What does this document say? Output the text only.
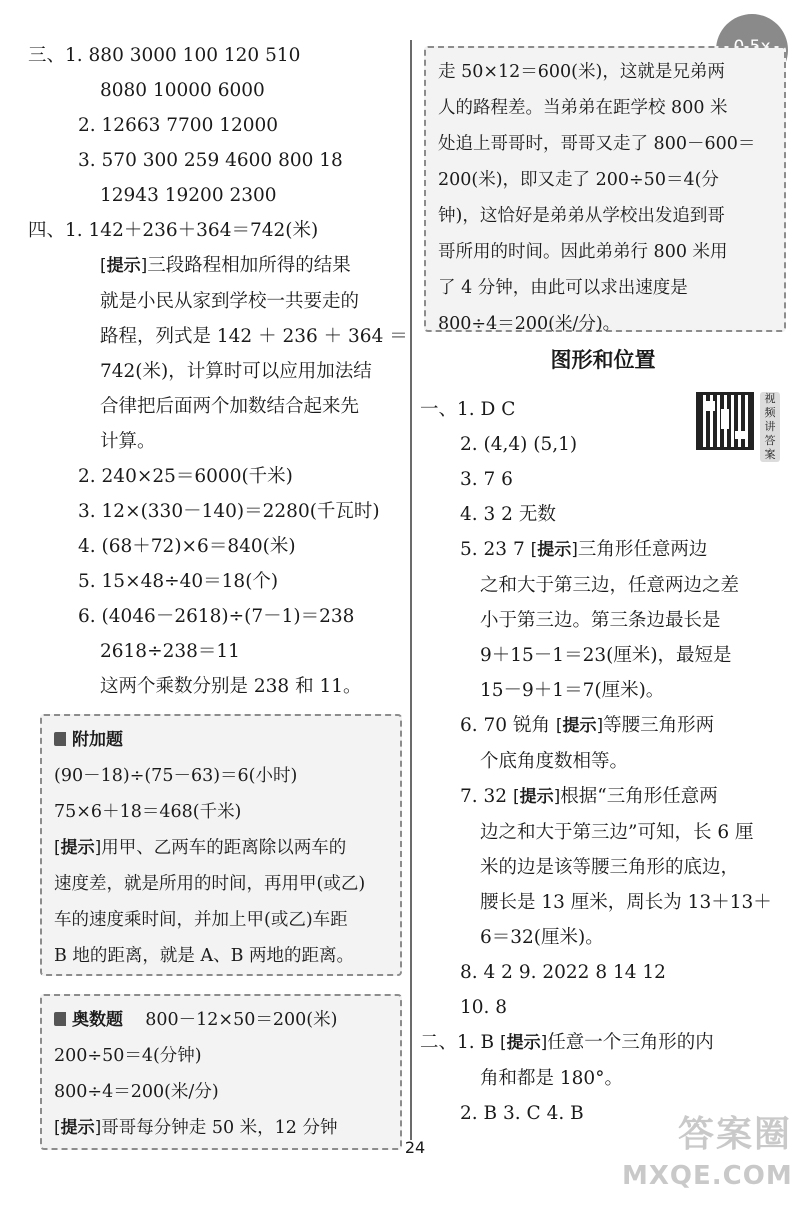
三、1. 880 3000 100 120 510
8080 10000 6000
2. 12663 7700 12000
3. 570 300 259 4600 800 18
12943 19200 2300
四、1. 142＋236＋364＝742(米)
[ 提示 ] 三段路程相加所得的结果
就是小民从家到学校一共要走的
路程，列式是 142 ＋ 236 ＋ 364 ＝
742(米)，计算时可以应用加法结
合律把后面两个加数结合起来先
计算。
2. 240×25＝6000(千米)
3. 12×(330－140)＝2280(千瓦时)
4. (68＋72)×6＝840(米)
5. 15×48÷40＝18(个)
6. (4046－2618)÷(7－1)＝238
2618÷238＝11
这两个乘数分别是 238 和 11。
附加题
(90－18)÷(75－63)＝6(小时)
75×6＋18＝468(千米)
[ 提示 ] 用甲、乙两车的距离除以两车的
速度差，就是所用的时间，再用甲(或乙)
车的速度乘时间，并加上甲(或乙)车距
B 地的距离，就是 A、B 两地的距离。
奥数题 800－12×50＝200(米)
200÷50＝4(分钟)
800÷4＝200(米/分)
[ 提示 ] 哥哥每分钟走 50 米，12 分钟
走 50×12＝600(米)，这就是兄弟两
人的路程差。当弟弟在距学校 800 米
处追上哥哥时，哥哥又走了 800－600＝
200(米)，即又走了 200÷50＝4(分
钟)，这恰好是弟弟从学校出发追到哥
哥所用的时间。因此弟弟行 800 米用
了 4 分钟，由此可以求出速度是
800÷4＝200(米/分)。
图形和位置
视频讲答案
一、1. D C
2. (4,4) (5,1)
3. 7 6
4. 3 2 无数
5. 23 7 [ 提示 ] 三角形任意两边
之和大于第三边，任意两边之差
小于第三边。第三条边最长是
9＋15－1＝23(厘米)，最短是
15－9＋1＝7(厘米)。
6. 70 锐角 [ 提示 ] 等腰三角形两
个底角度数相等。
7. 32 [ 提示 ] 根据“三角形任意两
边之和大于第三边”可知，长 6 厘
米的边是该等腰三角形的底边，
腰长是 13 厘米，周长为 13＋13＋
6＝32(厘米)。
8. 4 2 9. 2022 8 14 12
10. 8
二、1. B [ 提示 ] 任意一个三角形的内
角和都是 180°。
2. B 3. C 4. B
24	答案圈
MXQE.COM
